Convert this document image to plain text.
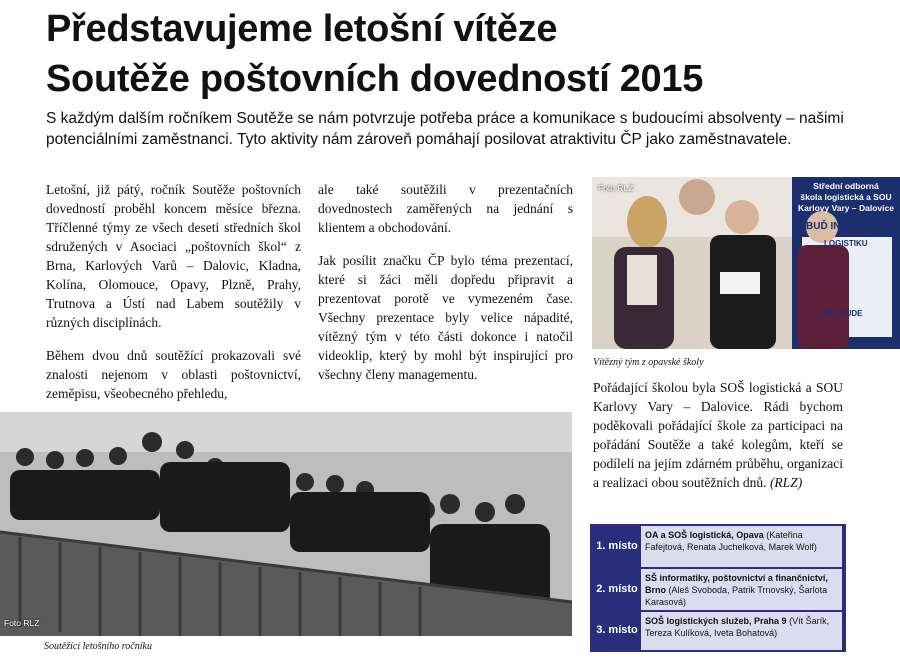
Představujeme letošní vítěze
Soutěže poštovních dovedností 2015
S každým dalším ročníkem Soutěže se nám potvrzuje potřeba práce a komunikace s budoucími absolventy – našimi potenciálními zaměstnanci. Tyto aktivity nám zároveň pomáhají posilovat atraktivitu ČP jako zaměstnavatele.

Letošní, již pátý, ročník Soutěže poštovních dovedností proběhl koncem měsíce března. Tříčlenné týmy ze všech deseti středních škol sdružených v Asociaci „poštovních škol“ z Brna, Karlových Varů – Dalovic, Kladna, Kolína, Olomouce, Opavy, Plzně, Prahy, Trutnova a Ústí nad Labem soutěžily v různých disciplínách.

Během dvou dnů soutěžící prokazovali své znalosti nejenom v oblasti poštovnictví, zeměpisu, všeobecného přehledu,

ale také soutěžili v prezentačních dovednostech zaměřených na jednání s klientem a obchodování.

Jak posílit značku ČP bylo téma prezentací, které si žáci měli dopředu připravit a prezentovat porotě ve vymezeném čase. Všechny prezentace byly velice nápadité, vítězný tým v této části dokonce i natočil videoklip, který by mohl být inspirující pro všechny členy managementu.

Střední odborná
škola logistická a SOU
Karlovy Vary – Dalovice
BUĎ IN
LOGISTIKU
SE VŠUDE
Foto RLZ
Vítězný tým z opavské školy

Pořádající školou byla SOŠ logistická a SOU Karlovy Vary – Dalovice. Rádi bychom poděkovali pořádající škole za participaci na pořádání Soutěže a také kolegům, kteří se podíleli na jejím zdárném průběhu, organizaci a realizaci obou soutěžních dnů. (RLZ)

Foto RLZ
Soutěžící letošního ročníku
1. místo
OA a SOŠ logistická, Opava (Kateřina Fafejtová, Renata Juchelková, Marek Wolf)
2. místo
SŠ informatiky, poštovnictví a finančnictví, Brno (Aleš Svoboda, Patrik Trnovský, Šarlota Karasová)
3. místo
SOŠ logistických služeb, Praha 9 (Vít Šarík, Tereza Kulíková, Iveta Bohatová)
